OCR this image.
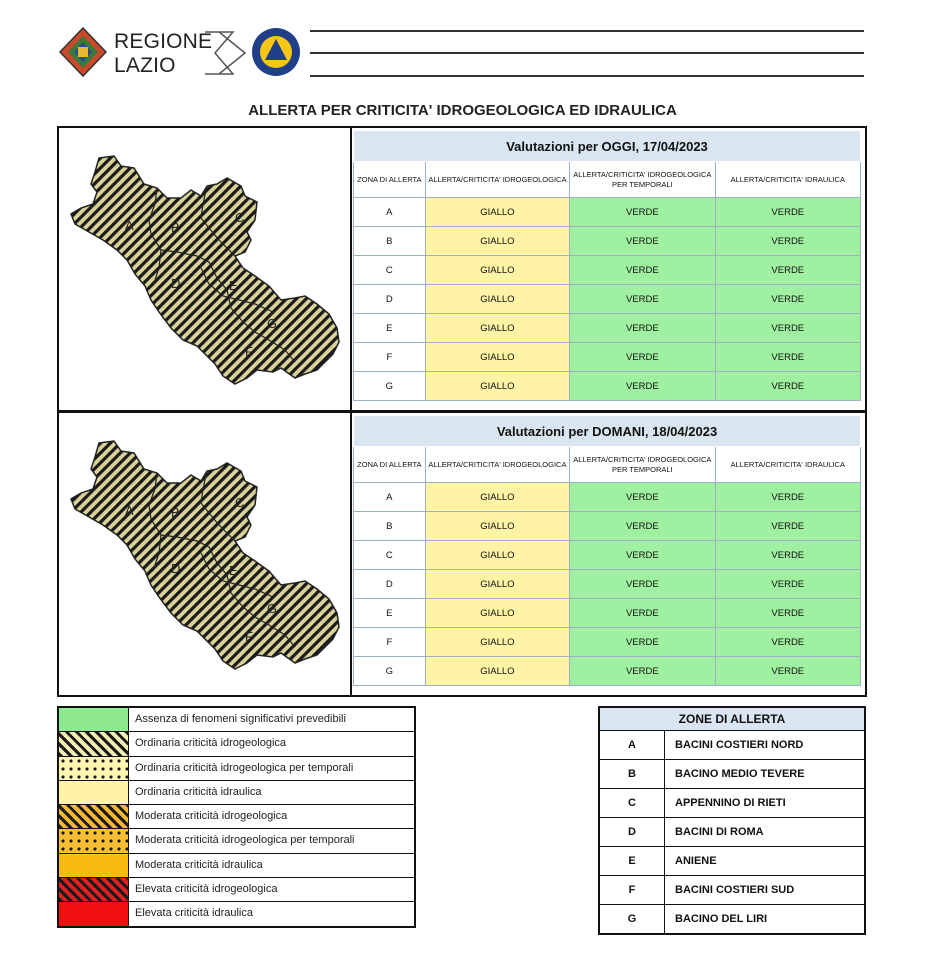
REGIONE
LAZIO
ALLERTA PER CRITICITA' IDROGEOLOGICA ED IDRAULICA
A	B
C
D	E
F
G
Valutazioni per OGGI, 17/04/2023			
ZONA DI ALLERTA	ALLERTA/CRITICITA' IDROGEOLOGICA	ALLERTA/CRITICITA' IDROGEOLOGICA PER TEMPORALI	ALLERTA/CRITICITA' IDRAULICA
A	GIALLO	VERDE	VERDE
B	GIALLO	VERDE	VERDE
C	GIALLO	VERDE	VERDE
D	GIALLO	VERDE	VERDE
E	GIALLO	VERDE	VERDE
F	GIALLO	VERDE	VERDE
G	GIALLO	VERDE	VERDE
A	B
C
D	E
F
G
Valutazioni per DOMANI, 18/04/2023			
ZONA DI ALLERTA	ALLERTA/CRITICITA' IDROGEOLOGICA	ALLERTA/CRITICITA' IDROGEOLOGICA PER TEMPORALI	ALLERTA/CRITICITA' IDRAULICA
A	GIALLO	VERDE	VERDE
B	GIALLO	VERDE	VERDE
C	GIALLO	VERDE	VERDE
D	GIALLO	VERDE	VERDE
E	GIALLO	VERDE	VERDE
F	GIALLO	VERDE	VERDE
G	GIALLO	VERDE	VERDE
Assenza di fenomeni significativi prevedibili
Ordinaria criticità idrogeologica
Ordinaria criticità idrogeologica per temporali
Ordinaria criticità idraulica
Moderata criticità idrogeologica
Moderata criticità idrogeologica per temporali
Moderata criticità idraulica
Elevata criticità idrogeologica
Elevata criticità idraulica
ZONE DI ALLERTA
A	BACINI COSTIERI NORD
B	BACINO MEDIO TEVERE
C	APPENNINO DI RIETI
D	BACINI DI ROMA
E	ANIENE
F	BACINI COSTIERI SUD
G	BACINO DEL LIRI
